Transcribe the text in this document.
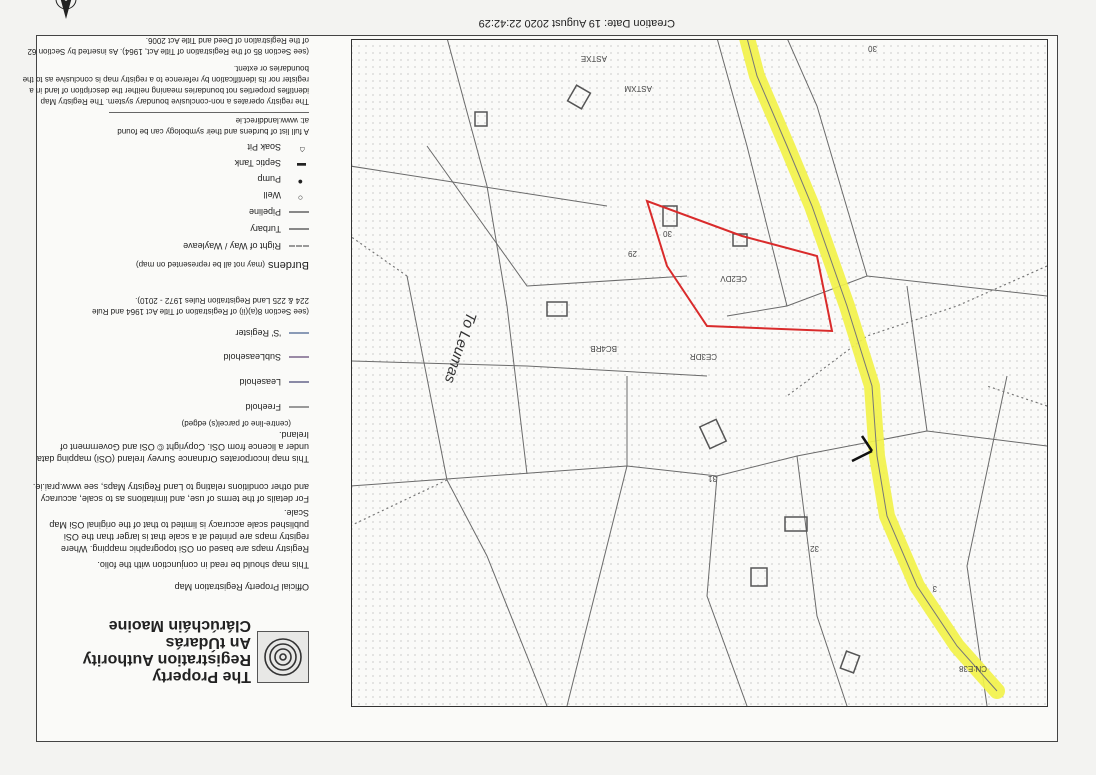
CN:E38
3
32
31
BC4RB
CE3DR
CE2DV
29
30
ASTXE
ASTXM
30
To Leumas
The Property
Registration Authority
An tÚdarás
Clárúcháin Maoine
Official Property Registration Map
This map should be read in conjunction with the folio.
Registry maps are based on OSi topographic mapping. Where registry maps are printed at a scale that is larger than the OSi published scale accuracy is limited to that of the original OSi Map Scale.
For details of the terms of use, and limitations as to scale, accuracy and other conditions relating to Land Registry Maps, see www.prai.ie.
This map incorporates Ordnance Survey Ireland (OSi) mapping data under a licence from OSi. Copyright © OSi and Government of Ireland.
(centre-line of parcel(s) edged)
Freehold
Leasehold
SubLeasehold
'S' Register
(see Section 8(a)(ii) of Registration of Title Act 1964 and Rule 224 & 225 Land Registration Rules 1972 - 2010).
Burdens (may not all be represented on map)
Right of Way / Wayleave
Turbary
Pipeline
○
Well
●
Pump
▬
Septic Tank
⌂
Soak Pit
A full list of burdens and their symbology can be found at: www.landdirect.ie
The registry operates a non-conclusive boundary system. The Registry Map identifies properties not boundaries meaning neither the description of land in a register nor its identification by reference to a registry map is conclusive as to the boundaries or extent.
(see Section 85 of the Registration of Title Act, 1964). As inserted by Section 62 of the Registration of Deed and Title Act 2006.
Creation Date: 19 August 2020 22:42:29
